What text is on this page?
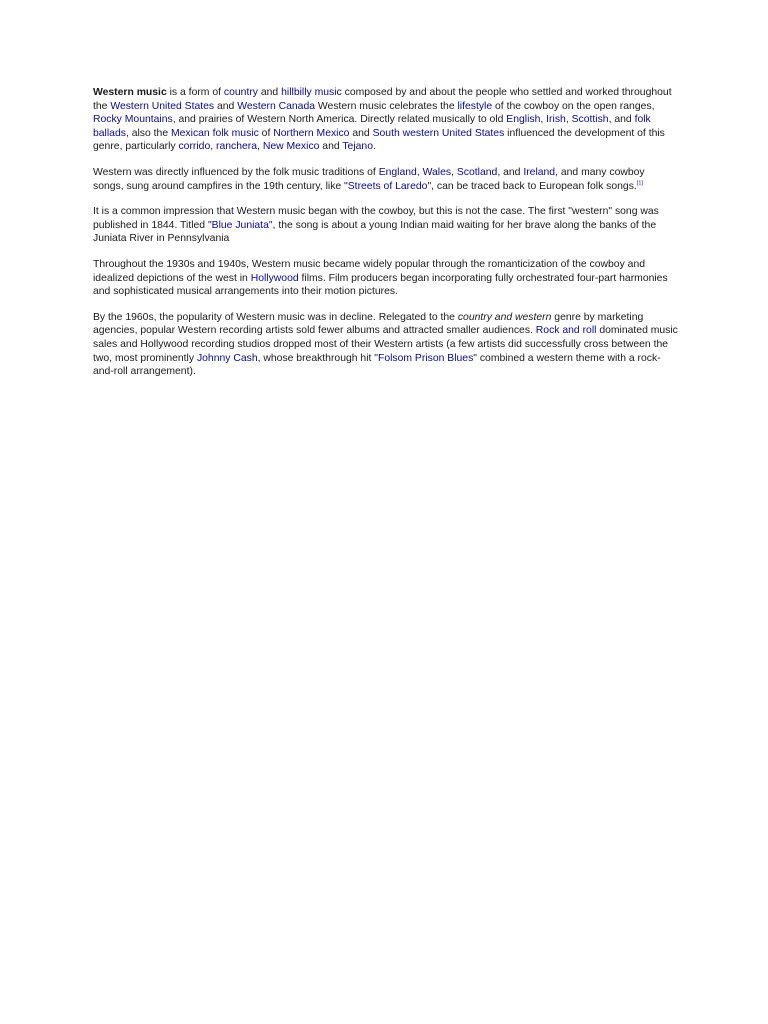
Western music is a form of country and hillbilly music composed by and about the people who settled and worked throughout the Western United States and Western Canada Western music celebrates the lifestyle of the cowboy on the open ranges, Rocky Mountains, and prairies of Western North America. Directly related musically to old English, Irish, Scottish, and folk ballads, also the Mexican folk music of Northern Mexico and South western United States influenced the development of this genre, particularly corrido, ranchera, New Mexico and Tejano.

Western was directly influenced by the folk music traditions of England, Wales, Scotland, and Ireland, and many cowboy songs, sung around campfires in the 19th century, like "Streets of Laredo", can be traced back to European folk songs.[1]

It is a common impression that Western music began with the cowboy, but this is not the case. The first "western" song was published in 1844. Titled "Blue Juniata", the song is about a young Indian maid waiting for her brave along the banks of the Juniata River in Pennsylvania

Throughout the 1930s and 1940s, Western music became widely popular through the romanticization of the cowboy and idealized depictions of the west in Hollywood films. Film producers began incorporating fully orchestrated four-part harmonies and sophisticated musical arrangements into their motion pictures.

By the 1960s, the popularity of Western music was in decline. Relegated to the country and western genre by marketing agencies, popular Western recording artists sold fewer albums and attracted smaller audiences. Rock and roll dominated music sales and Hollywood recording studios dropped most of their Western artists (a few artists did successfully cross between the two, most prominently Johnny Cash, whose breakthrough hit "Folsom Prison Blues" combined a western theme with a rock-and-roll arrangement).
